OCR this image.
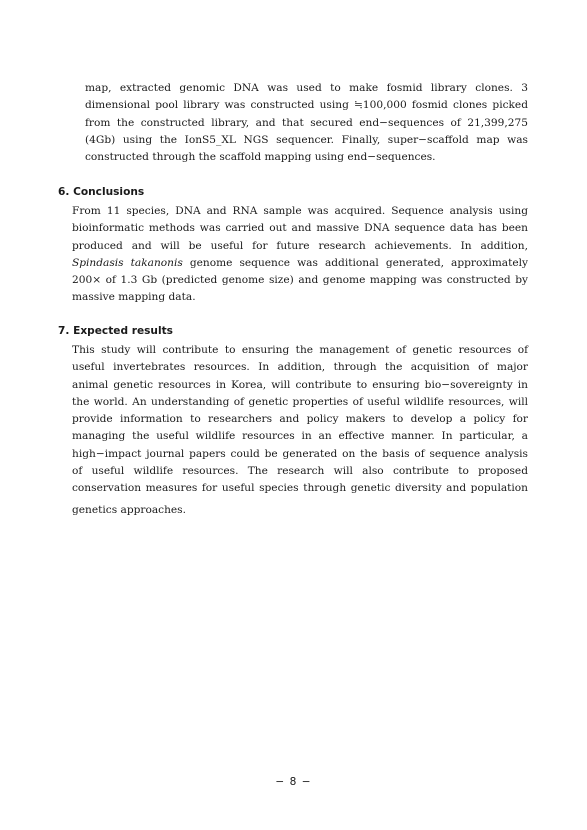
map, extracted genomic DNA was used to make fosmid library clones. 3
dimensional pool library was constructed using ≒100,000 fosmid clones picked
from the constructed library, and that secured end−sequences of 21,399,275
(4Gb) using the IonS5_XL NGS sequencer. Finally, super−scaffold map was
constructed through the scaffold mapping using end−sequences.
6. Conclusions
From 11 species, DNA and RNA sample was acquired. Sequence analysis using
bioinformatic methods was carried out and massive DNA sequence data has been
produced and will be useful for future research achievements. In addition,
Spindasis takanonis genome sequence was additional generated, approximately
200× of 1.3 Gb (predicted genome size) and genome mapping was constructed by
massive mapping data.
7. Expected results
This study will contribute to ensuring the management of genetic resources of
useful invertebrates resources. In addition, through the acquisition of major
animal genetic resources in Korea, will contribute to ensuring bio−sovereignty in
the world. An understanding of genetic properties of useful wildlife resources, will
provide information to researchers and policy makers to develop a policy for
managing the useful wildlife resources in an effective manner. In particular, a
high−impact journal papers could be generated on the basis of sequence analysis
of useful wildlife resources. The research will also contribute to proposed
conservation measures for useful species through genetic diversity and population
genetics approaches.
− 8 −
